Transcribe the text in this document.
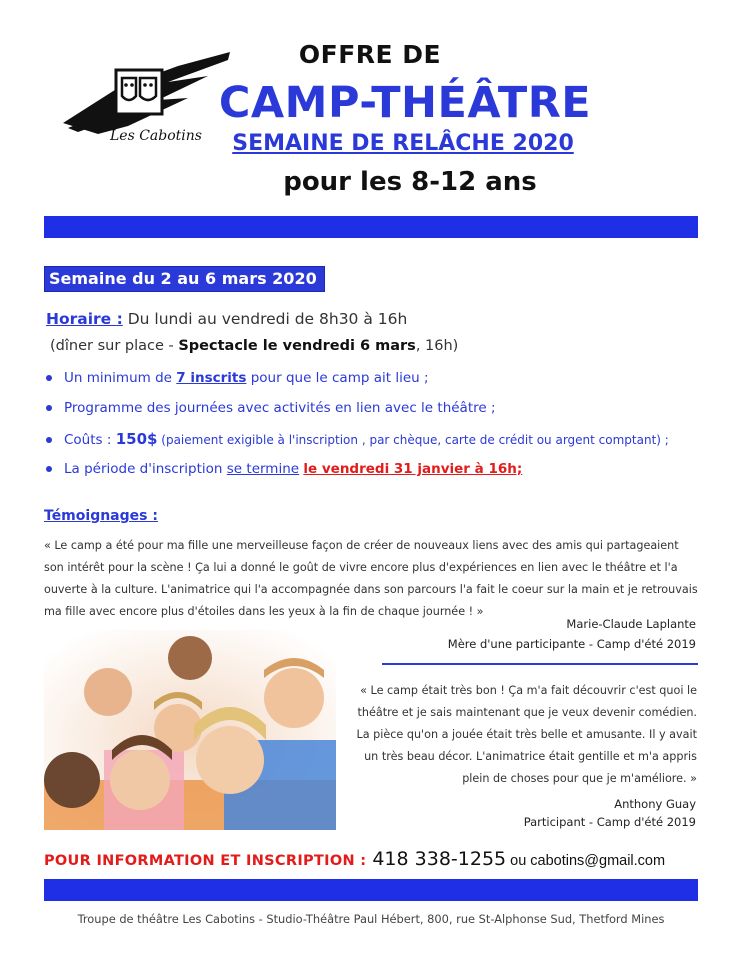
Les Cabotins
OFFRE DE
CAMP-THÉÂTRE
SEMAINE DE RELÂCHE 2020
pour les 8-12 ans
Semaine du 2 au 6 mars 2020
Horaire : Du lundi au vendredi de 8h30 à 16h
(dîner sur place - Spectacle le vendredi 6 mars, 16h)
Un minimum de 7 inscrits pour que le camp ait lieu ;
Programme des journées avec activités en lien avec le théâtre ;
Coûts : 150$ (paiement exigible à l'inscription , par chèque, carte de crédit ou argent comptant) ;
La période d'inscription se termine le vendredi 31 janvier à 16h;
Témoignages :
« Le camp a été pour ma fille une merveilleuse façon de créer de nouveaux liens avec des amis qui partageaient son intérêt pour la scène ! Ça lui a donné le goût de vivre encore plus d'expériences en lien avec le théâtre et l'a ouverte à la culture. L'animatrice qui l'a accompagnée dans son parcours l'a fait le coeur sur la main et je retrouvais ma fille avec encore plus d'étoiles dans les yeux à la fin de chaque journée ! »
Marie-Claude Laplante
Mère d'une participante - Camp d'été 2019
« Le camp était très bon ! Ça m'a fait découvrir c'est quoi le théâtre et je sais maintenant que je veux devenir comédien. La pièce qu'on a jouée était très belle et amusante. Il y avait un très beau décor. L'animatrice était gentille et m'a appris plein de choses pour que je m'améliore. »
Anthony Guay
Participant - Camp d'été 2019
POUR INFORMATION ET INSCRIPTION : 418 338-1255 ou cabotins@gmail.com
Troupe de théâtre Les Cabotins - Studio-Théâtre Paul Hébert, 800, rue St-Alphonse Sud, Thetford Mines
